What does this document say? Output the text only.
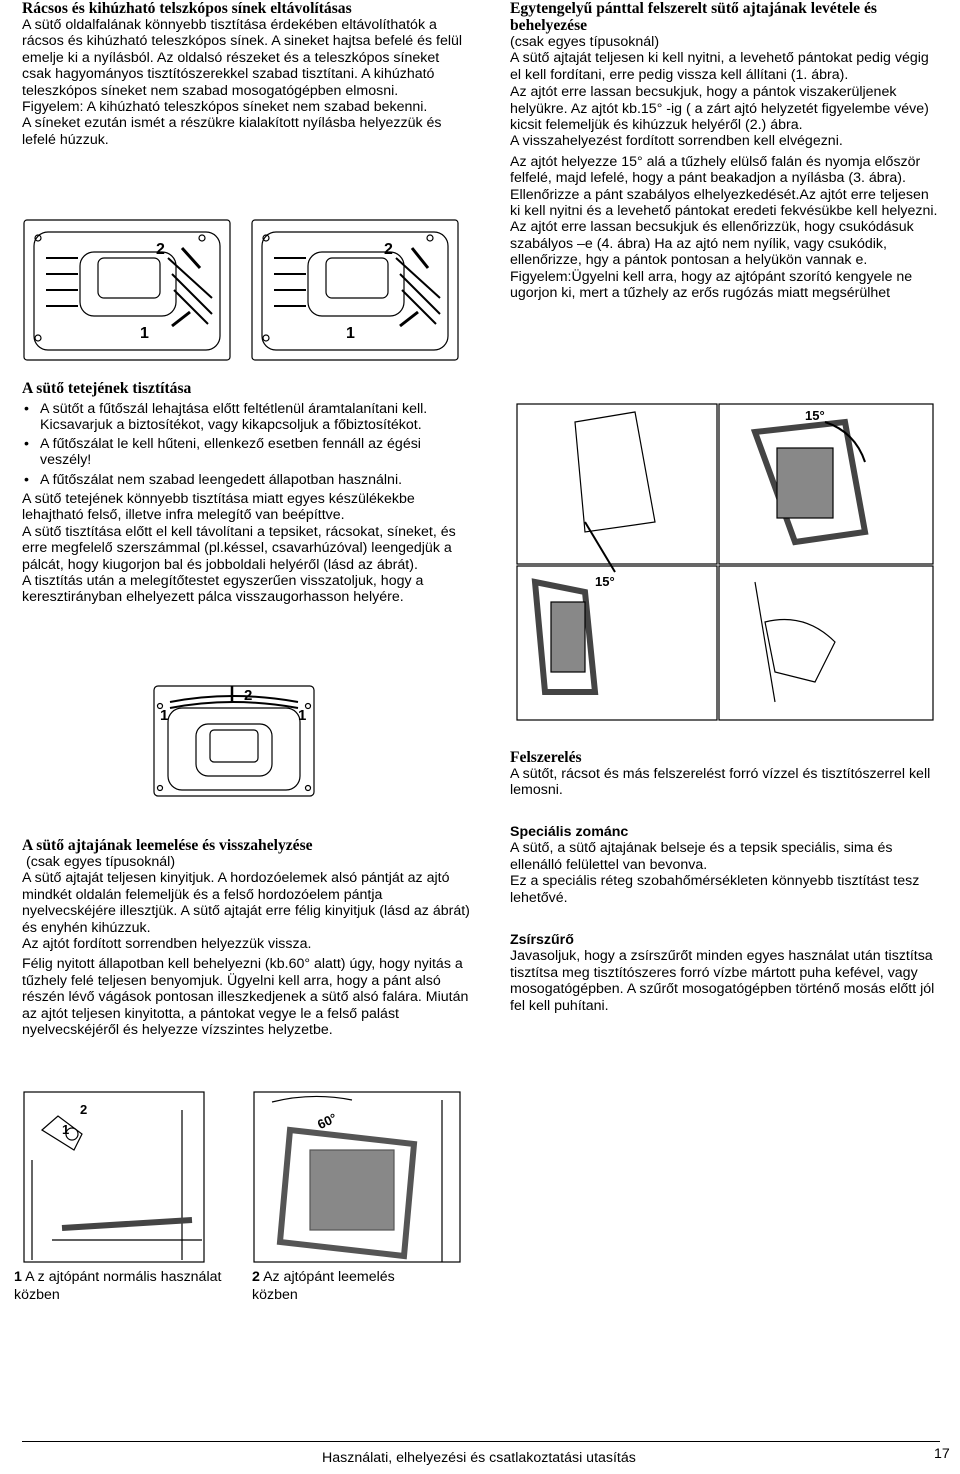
Rácsos és kihúzható telszkópos sínek eltávolításas

A sütő oldalfalának könnyebb tisztítása érdekében eltávolíthatók a rácsos és kihúzható teleszkópos sínek. A sineket hajtsa befelé és felül emelje ki a nyílásból. Az oldalsó részeket és a teleszkópos síneket csak hagyományos tisztítószerekkel szabad tisztítani. A kihúzható teleszkópos síneket nem szabad mosogatógépben elmosni.

Figyelem: A kihúzható teleszkópos síneket nem szabad bekenni.

A síneket ezután ismét a részükre kialakított nyílásba helyezzük és lefelé húzzuk.

2
1
2
1
A sütő tetejének tisztítása
• A sütőt a fűtőszál lehajtása előtt feltétlenül áramtalanítani kell. Kicsavarjuk a biztosítékot, vagy kikapcsoljuk a főbiztosítékot.
• A fűtőszálat le kell hűteni, ellenkező esetben fennáll az égési veszély!
• A fűtőszálat nem szabad leengedett állapotban használni.

A sütő tetejének könnyebb tisztítása miatt egyes készülékekbe lehajtható felső, illetve infra melegítő van beépíttve.

A sütő tisztítása előtt el kell távolítani a tepsiket, rácsokat, síneket, és erre megfelelő szerszámmal (pl.késsel, csavarhúzóval) leengedjük a pálcát, hogy kiugorjon bal és jobboldali helyéről (lásd az ábrát).

A tisztítás után a melegítőtestet egyszerűen visszatoljuk, hogy a keresztirányban elhelyezett pálca visszaugorhasson helyére.

2
1	1
A sütő ajtajának leemelése és visszahelyzése

(csak egyes típusoknál)

A sütő ajtaját teljesen kinyitjuk. A hordozóelemek alsó pántját az ajtó mindkét oldalán felemeljük és a felső hordozóelem pántja nyelvecskéjére illesztjük. A sütő ajtaját erre félig kinyitjuk (lásd az ábrát) és enyhén kihúzzuk.

Az ajtót fordított sorrendben helyezzük vissza.

Félig nyitott állapotban kell behelyezni (kb.60° alatt) úgy, hogy nyitás a tűzhely felé teljesen benyomjuk. Ügyelni kell arra, hogy a pánt alsó részén lévő vágások pontosan illeszkedjenek a sütő alsó falára. Miután az ajtót teljesen kinyitotta, a pántokat vegye le a felső palást nyelvecskéjéről és helyezze vízszintes helyzetbe.

2
1	60°
1 A z ajtópánt normális használat közben
2 Az ajtópánt leemelés közben
Egytengelyű pánttal felszerelt sütő ajtajának levétele és behelyezése

(csak egyes típusoknál)

A sütő ajtaját teljesen ki kell nyitni, a levehető pántokat pedig végig el kell fordítani, erre pedig vissza kell állítani (1. ábra).

Az ajtót erre lassan becsukjuk, hogy a pántok viszakerüljenek helyükre. Az ajtót kb.15° -ig ( a zárt ajtó helyzetét figyelembe véve) kicsit felemeljük és kihúzzuk helyéről (2.) ábra.

A visszahelyezést fordított sorrendben kell elvégezni.

Az ajtót helyezze 15° alá a tűzhely elülső falán és nyomja először felfelé, majd lefelé, hogy a pánt beakadjon a nyílásba (3. ábra). Ellenőrizze a pánt szabályos elhelyezkedését.Az ajtót erre teljesen ki kell nyitni és a levehető pántokat eredeti fekvésükbe kell helyezni. Az ajtót erre lassan becsukjuk és ellenőrizzük, hogy csukódásuk szabályos –e (4. ábra) Ha az ajtó nem nyílik, vagy csukódik, ellenőrizze, hgy a pántok pontosan a helyükön vannak e.

Figyelem:Ügyelni kell arra, hogy az ajtópánt szorító kengyele ne ugorjon ki, mert a tűzhely az erős rugózás miatt megsérülhet

15°
15°
Felszerelés

A sütőt, rácsot és más felszerelést forró vízzel és tisztítószerrel kell lemosni.

Speciális zománc

A sütő, a sütő ajtajának belseje és a tepsik speciális, sima és ellenálló felülettel van bevonva.

Ez a speciális réteg szobahőmérsékleten könnyebb tisztítást tesz lehetővé.

Zsírszűrő

Javasoljuk, hogy a zsírszűrőt minden egyes használat után tisztítsa tisztítsa meg tisztítószeres forró vízbe mártott puha kefével, vagy mosogatógépben. A szűrőt mosogatógépben történő mosás előtt jól fel kell puhítani.

Használati, elhelyezési és csatlakoztatási utasítás	17
